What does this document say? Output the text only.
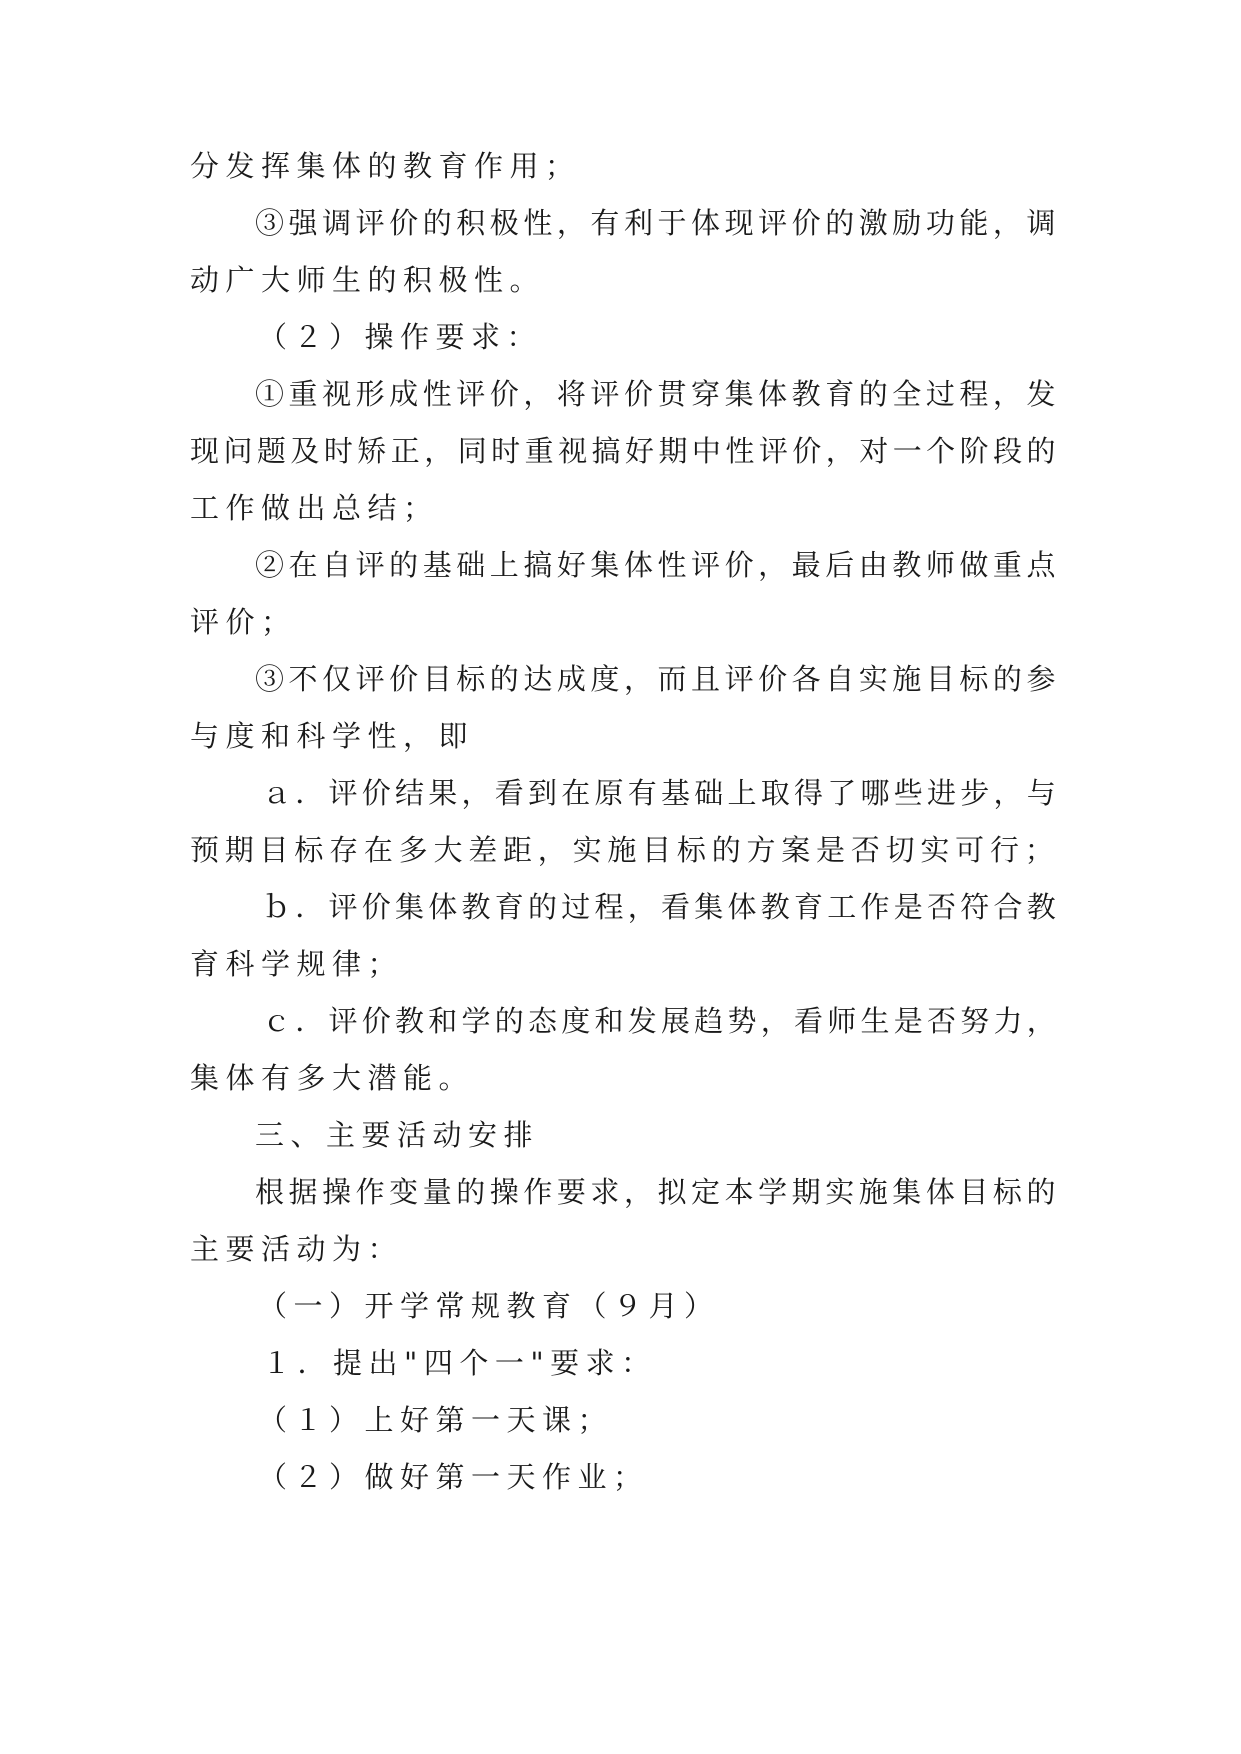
分发挥集体的教育作用；
③强调评价的积极性，有利于体现评价的激励功能，调
动广大师生的积极性。
（２）操作要求：
①重视形成性评价，将评价贯穿集体教育的全过程，发
现问题及时矫正，同时重视搞好期中性评价，对一个阶段的
工作做出总结；
②在自评的基础上搞好集体性评价，最后由教师做重点
评价；
③不仅评价目标的达成度，而且评价各自实施目标的参
与度和科学性，即
ａ．评价结果，看到在原有基础上取得了哪些进步，与
预期目标存在多大差距，实施目标的方案是否切实可行；
ｂ．评价集体教育的过程，看集体教育工作是否符合教
育科学规律；
ｃ．评价教和学的态度和发展趋势，看师生是否努力，
集体有多大潜能。
三、主要活动安排
根据操作变量的操作要求，拟定本学期实施集体目标的
主要活动为：
（一）开学常规教育（９月）
１．提出"四个一"要求：
（１）上好第一天课；
（２）做好第一天作业；
